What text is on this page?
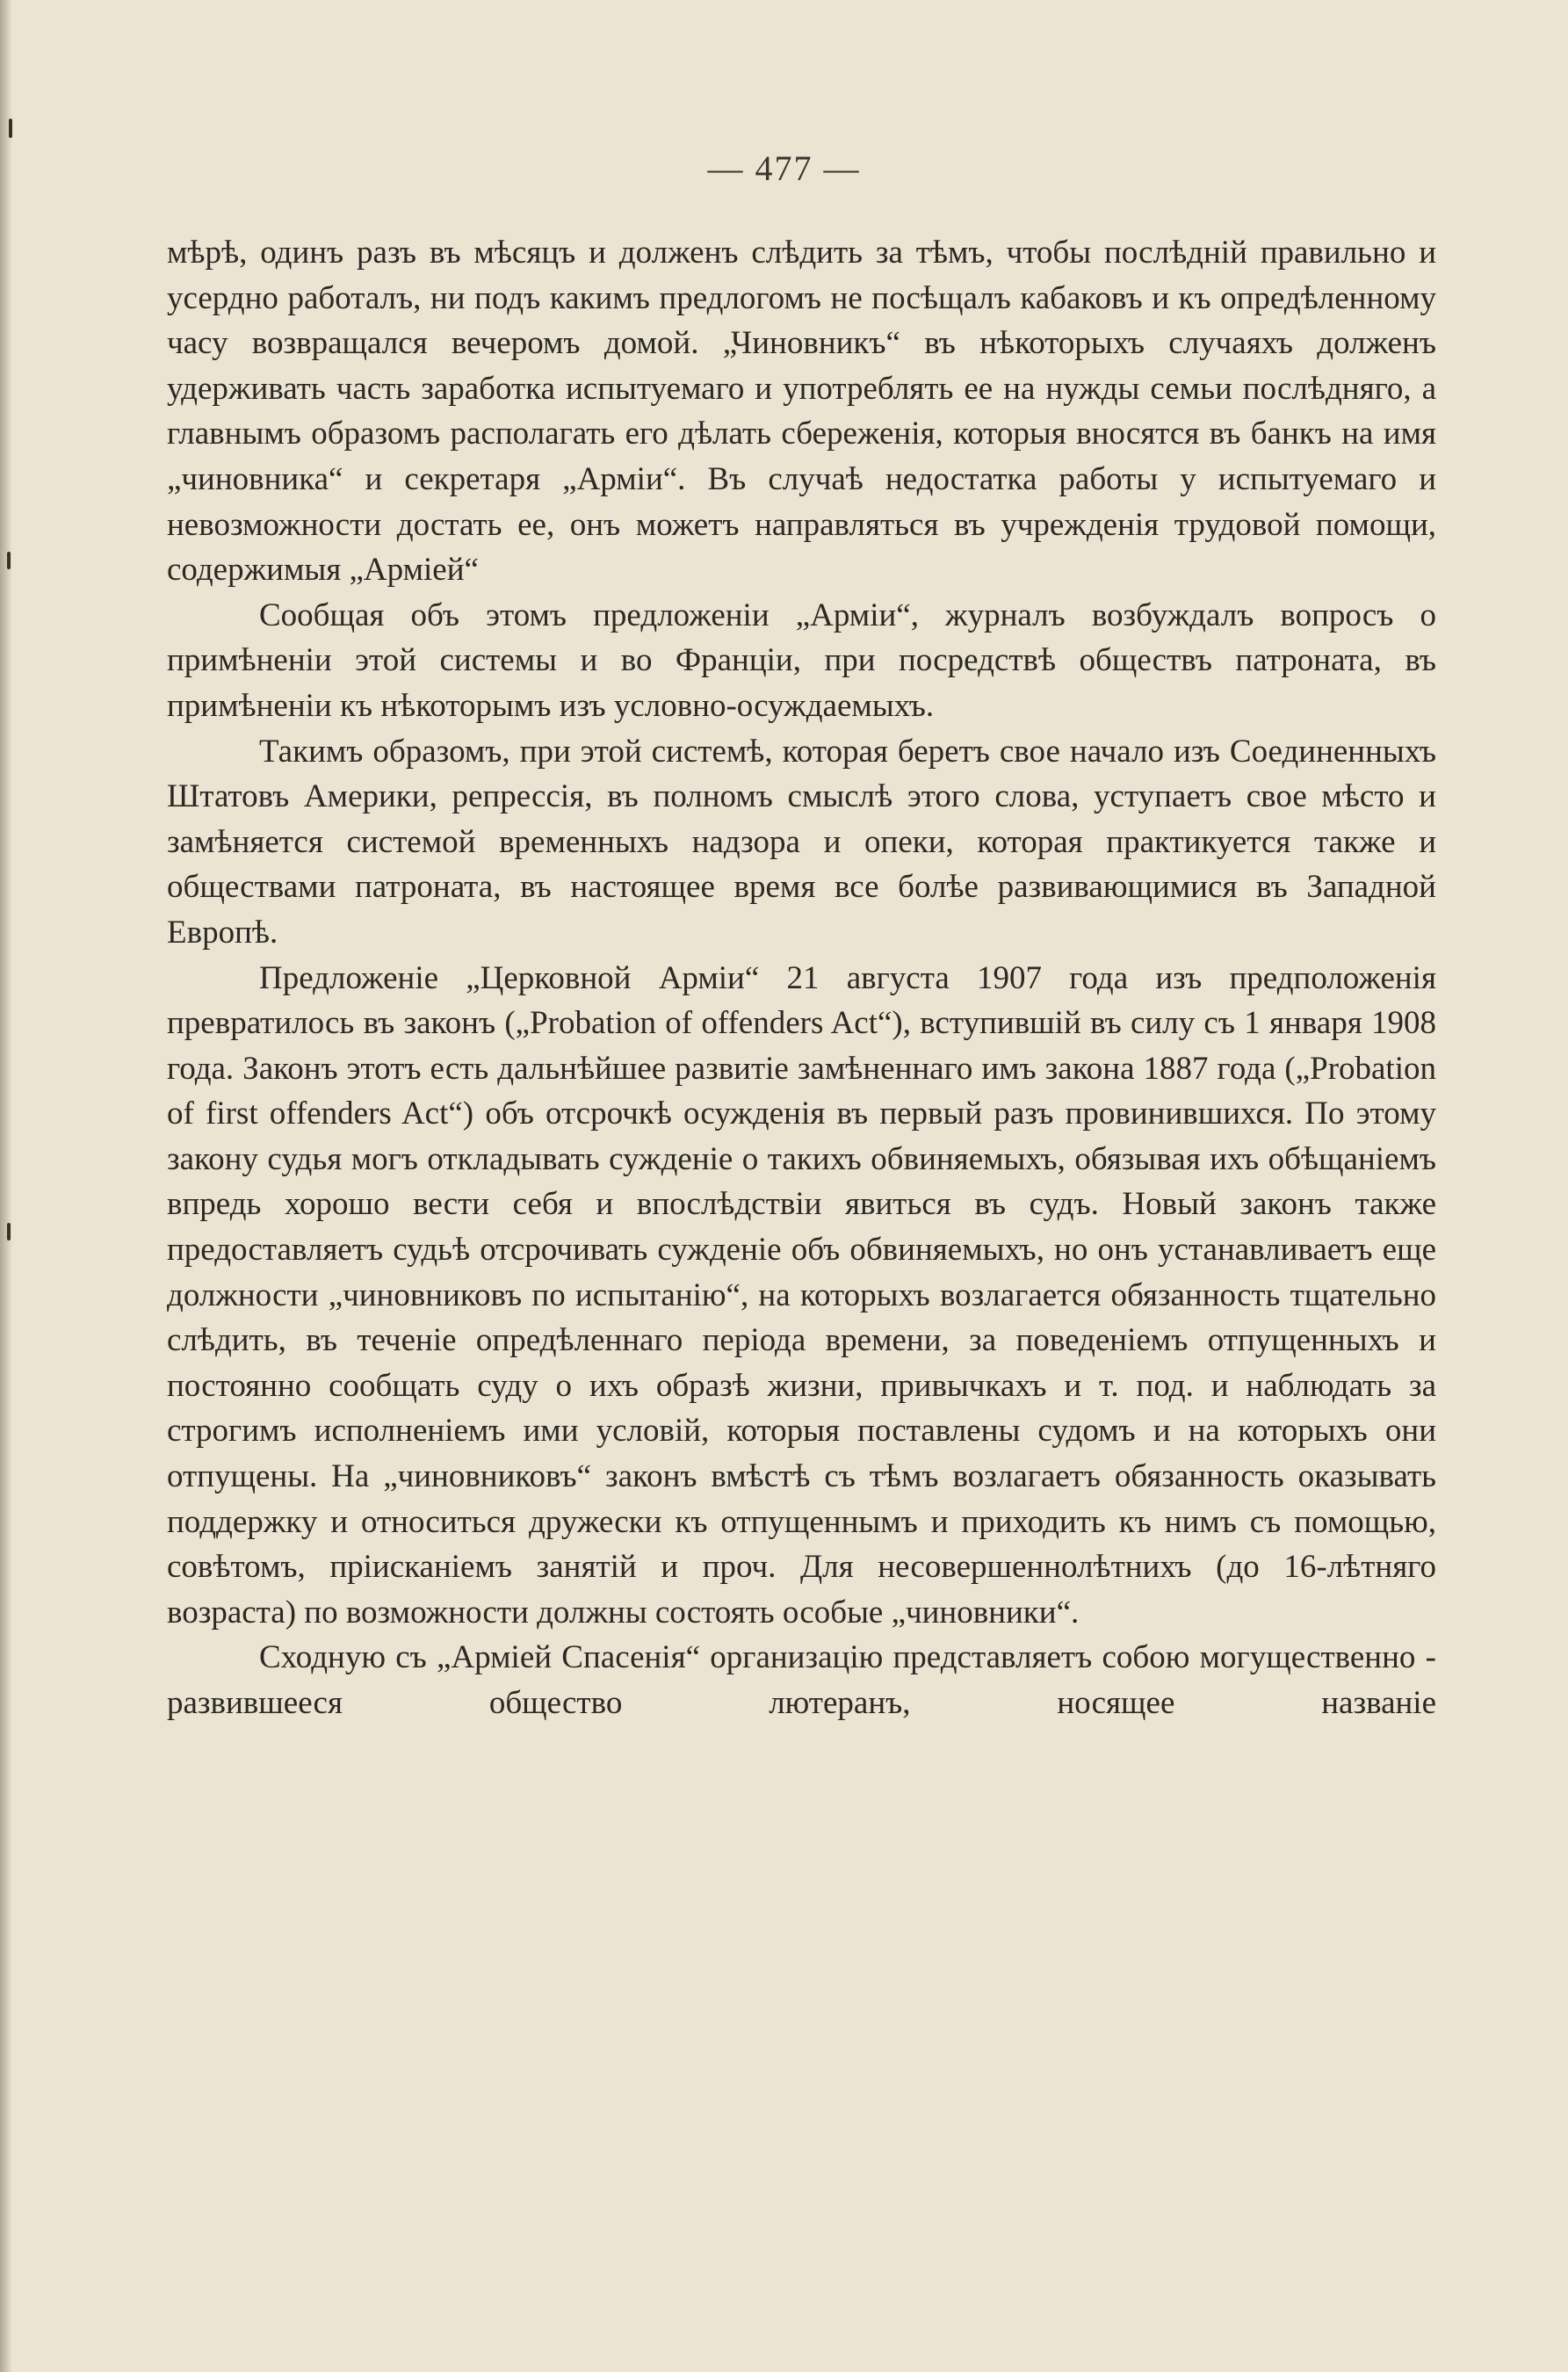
— 477 —

мѣрѣ, одинъ разъ въ мѣсяцъ и долженъ слѣдить за тѣмъ, чтобы послѣдній правильно и усердно работалъ, ни подъ какимъ предлогомъ не посѣщалъ кабаковъ и къ опредѣленному часу возвращался вечеромъ домой. „Чиновникъ“ въ нѣкоторыхъ случаяхъ долженъ удерживать часть заработка испытуемаго и употреблять ее на нужды семьи послѣдняго, а главнымъ образомъ располагать его дѣлать сбереженія, которыя вносятся въ банкъ на имя „чиновника“ и секретаря „Арміи“. Въ случаѣ недостатка работы у испытуемаго и невозможности достать ее, онъ можетъ направляться въ учрежденія трудовой помощи, содержимыя „Арміей“

Сообщая объ этомъ предложеніи „Арміи“, журналъ возбуждалъ вопросъ о примѣненіи этой системы и во Франціи, при посредствѣ обществъ патроната, въ примѣненіи къ нѣкоторымъ изъ условно-осуждаемыхъ.

Такимъ образомъ, при этой системѣ, которая беретъ свое начало изъ Соединенныхъ Штатовъ Америки, репрессія, въ полномъ смыслѣ этого слова, уступаетъ свое мѣсто и замѣняется системой временныхъ надзора и опеки, которая практикуется также и обществами патроната, въ настоящее время все болѣе развивающимися въ Западной Европѣ.

Предложеніе „Церковной Арміи“ 21 августа 1907 года изъ предположенія превратилось въ законъ („Probation of offenders Act“), вступившій въ силу съ 1 января 1908 года. Законъ этотъ есть дальнѣйшее развитіе замѣненнаго имъ закона 1887 года („Probation of first offenders Act“) объ отсрочкѣ осужденія въ первый разъ провинившихся. По этому закону судья могъ откладывать сужденіе о такихъ обвиняемыхъ, обязывая ихъ обѣщаніемъ впредь хорошо вести себя и впослѣдствіи явиться въ судъ. Новый законъ также предоставляетъ судьѣ отсрочивать сужденіе объ обвиняемыхъ, но онъ устанавливаетъ еще должности „чиновниковъ по испытанію“, на которыхъ возлагается обязанность тщательно слѣдить, въ теченіе опредѣленнаго періода времени, за поведеніемъ отпущенныхъ и постоянно сообщать суду о ихъ образѣ жизни, привычкахъ и т. под. и наблюдать за строгимъ исполненіемъ ими условій, которыя поставлены судомъ и на которыхъ они отпущены. На „чиновниковъ“ законъ вмѣстѣ съ тѣмъ возлагаетъ обязанность оказывать поддержку и относиться дружески къ отпущеннымъ и приходить къ нимъ съ помощью, совѣтомъ, пріисканіемъ занятій и проч. Для несовершеннолѣтнихъ (до 16-лѣтняго возраста) по возможности должны состоять особые „чиновники“.

Сходную съ „Арміей Спасенія“ организацію представляетъ собою могущественно - развившееся общество лютеранъ, носящее названіе
